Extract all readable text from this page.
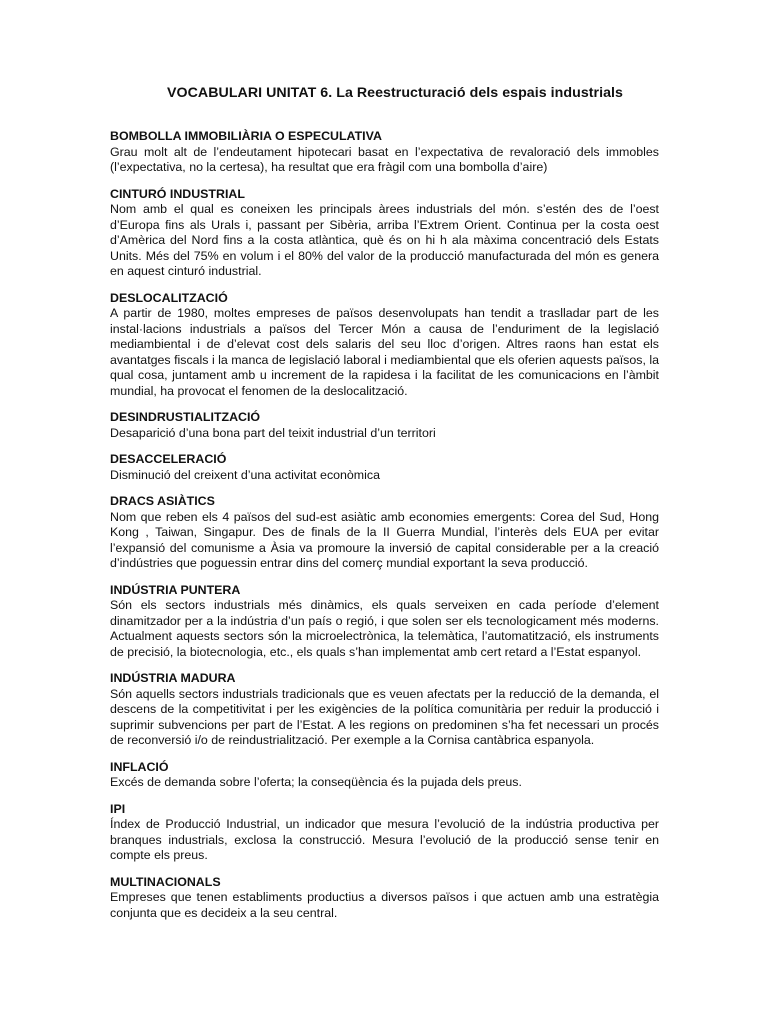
VOCABULARI UNITAT 6. La Reestructuració dels espais industrials

BOMBOLLA IMMOBILIÀRIA O ESPECULATIVA

Grau molt alt de l’endeutament hipotecari basat en l’expectativa de revaloració dels immobles (l’expectativa, no la certesa), ha resultat que era fràgil com una bombolla d’aire)

CINTURÓ INDUSTRIAL

Nom amb el qual es coneixen les principals àrees industrials del món. s’estén des de l’oest d’Europa fins als Urals i, passant per Sibèria, arriba l’Extrem Orient. Continua per la costa oest d’Amèrica del Nord fins a la costa atlàntica, què és on hi h ala màxima concentració dels Estats Units. Més del 75% en volum i el 80% del valor de la producció manufacturada del món es genera en aquest cinturó industrial.

DESLOCALITZACIÓ

A partir de 1980, moltes empreses de països desenvolupats han tendit a traslladar part de les instal·lacions industrials a països del Tercer Món a causa de l’enduriment de la legislació mediambiental i de d’elevat cost dels salaris del seu lloc d’origen. Altres raons han estat els avantatges fiscals i la manca de legislació laboral i mediambiental que els oferien aquests països, la qual cosa, juntament amb u increment de la rapidesa i la facilitat de les comunicacions en l’àmbit mundial, ha provocat el fenomen de la deslocalització.

DESINDRUSTIALITZACIÓ

Desaparició d’una bona part del teixit industrial d’un territori

DESACCELERACIÓ

Disminució del creixent d’una activitat econòmica

DRACS ASIÀTICS

Nom que reben els 4 països del sud-est asiàtic amb economies emergents: Corea del Sud, Hong Kong , Taiwan, Singapur. Des de finals de la II Guerra Mundial, l’interès dels EUA per evitar l’expansió del comunisme a Àsia va promoure la inversió de capital considerable per a la creació d’indústries que poguessin entrar dins del comerç mundial exportant la seva producció.

INDÚSTRIA PUNTERA

Són els sectors industrials més dinàmics, els quals serveixen en cada període d’element dinamitzador per a la indústria d’un país o regió, i que solen ser els tecnologicament més moderns. Actualment aquests sectors són la microelectrònica, la telemàtica, l’automatització, els instruments de precisió, la biotecnologia, etc., els quals s’han implementat amb cert retard a l’Estat espanyol.

INDÚSTRIA MADURA

Són aquells sectors industrials tradicionals que es veuen afectats per la reducció de la demanda, el descens de la competitivitat i per les exigències de la política comunitària per reduir la producció i suprimir subvencions per part de l’Estat. A les regions on predominen s’ha fet necessari un procés de reconversió i/o de reindustrialització. Per exemple a la Cornisa cantàbrica espanyola.

INFLACIÓ

Excés de demanda sobre l’oferta; la conseqüència és la pujada dels preus.

IPI

Índex de Producció Industrial, un indicador que mesura l’evolució de la indústria productiva per branques industrials, exclosa la construcció. Mesura l’evolució de la producció sense tenir en compte els preus.

MULTINACIONALS

Empreses que tenen establiments productius a diversos països i que actuen amb una estratègia conjunta que es decideix a la seu central.
